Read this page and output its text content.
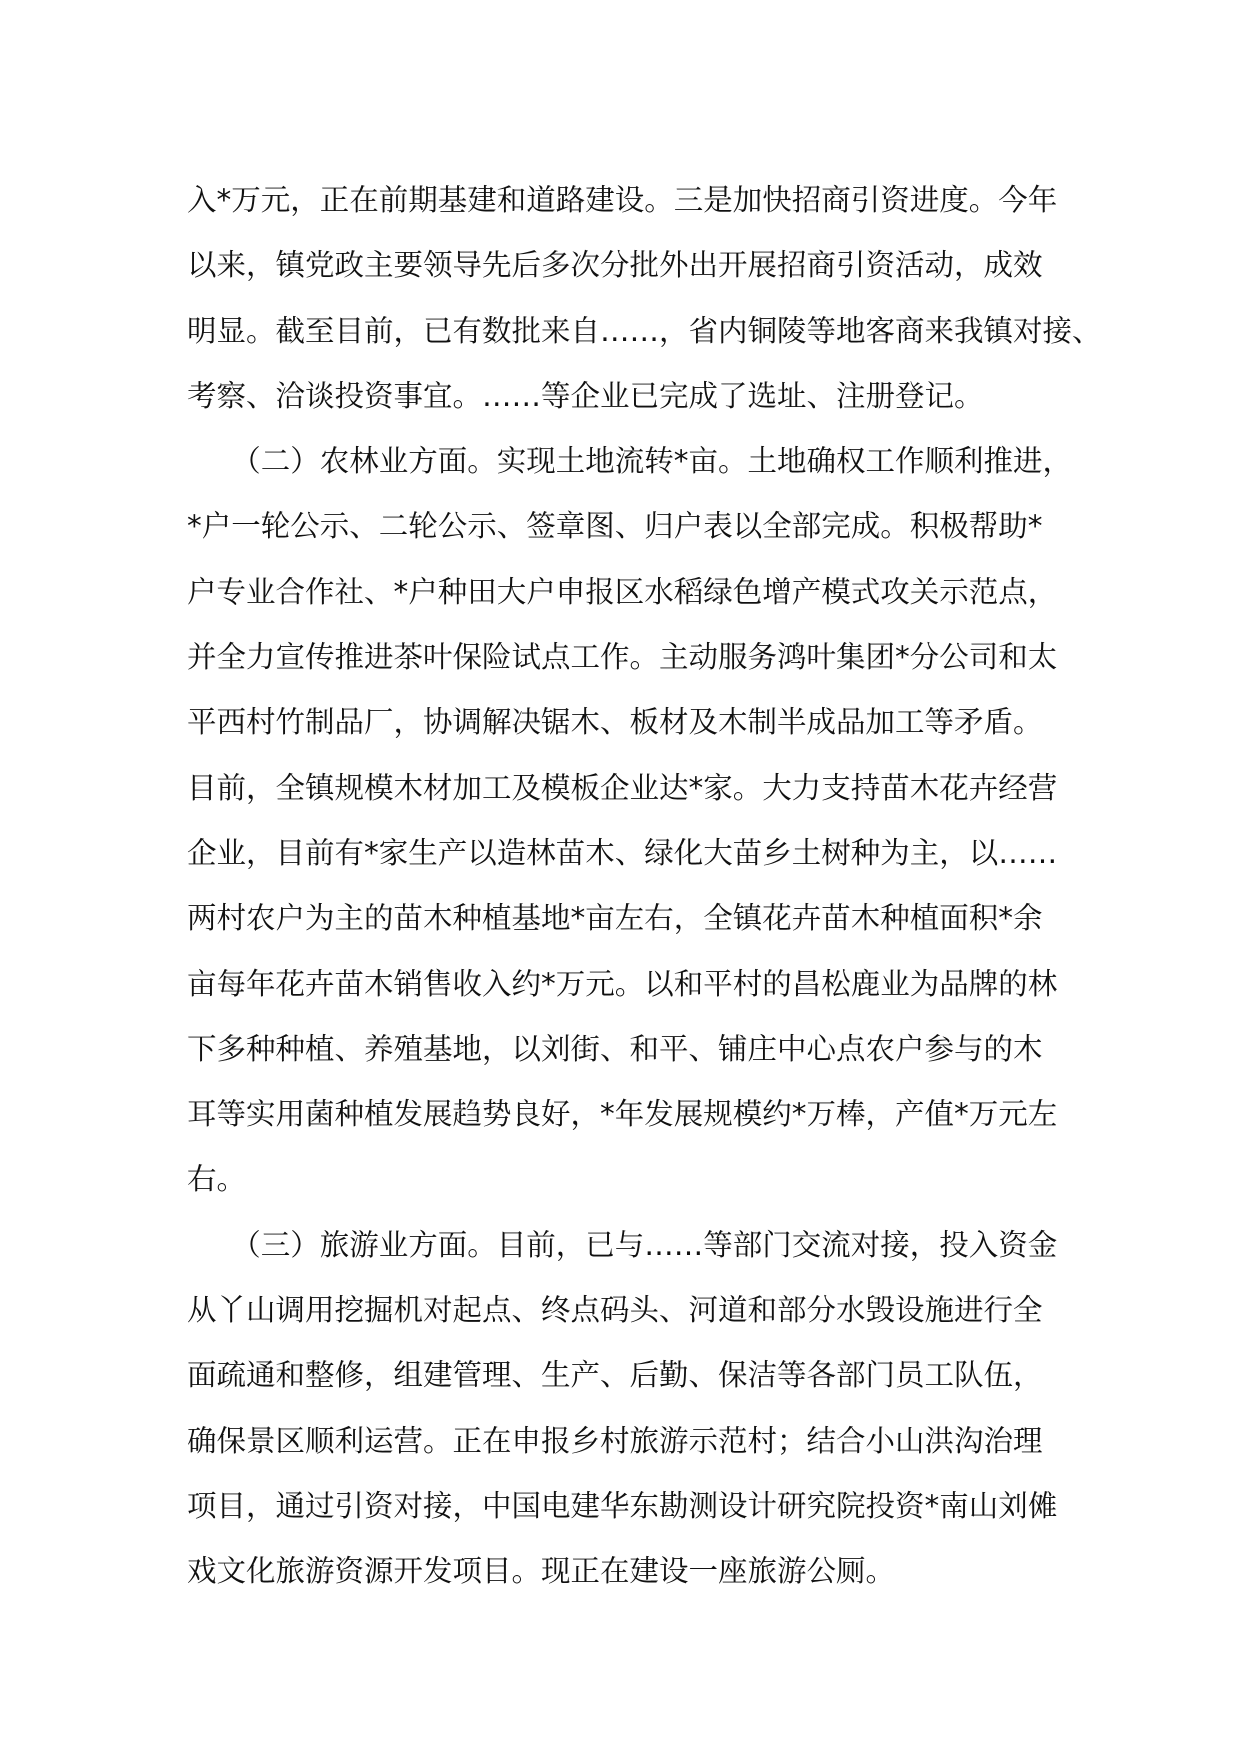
入*万元，正在前期基建和道路建设。三是加快招商引资进度。今年
以来，镇党政主要领导先后多次分批外出开展招商引资活动，成效
明显。截至目前，已有数批来自……，省内铜陵等地客商来我镇对接、
考察、洽谈投资事宜。……等企业已完成了选址、注册登记。
　　（二）农林业方面。实现土地流转*亩。土地确权工作顺利推进，
*户一轮公示、二轮公示、签章图、归户表以全部完成。积极帮助*
户专业合作社、*户种田大户申报区水稻绿色增产模式攻关示范点，
并全力宣传推进茶叶保险试点工作。主动服务鸿叶集团*分公司和太
平西村竹制品厂，协调解决锯木、板材及木制半成品加工等矛盾。
目前，全镇规模木材加工及模板企业达*家。大力支持苗木花卉经营
企业，目前有*家生产以造林苗木、绿化大苗乡土树种为主，以……
两村农户为主的苗木种植基地*亩左右，全镇花卉苗木种植面积*余
亩每年花卉苗木销售收入约*万元。以和平村的昌松鹿业为品牌的林
下多种种植、养殖基地，以刘街、和平、铺庄中心点农户参与的木
耳等实用菌种植发展趋势良好，*年发展规模约*万棒，产值*万元左
右。
　　（三）旅游业方面。目前，已与……等部门交流对接，投入资金
从丫山调用挖掘机对起点、终点码头、河道和部分水毁设施进行全
面疏通和整修，组建管理、生产、后勤、保洁等各部门员工队伍，
确保景区顺利运营。正在申报乡村旅游示范村；结合小山洪沟治理
项目，通过引资对接，中国电建华东勘测设计研究院投资*南山刘傩
戏文化旅游资源开发项目。现正在建设一座旅游公厕。
